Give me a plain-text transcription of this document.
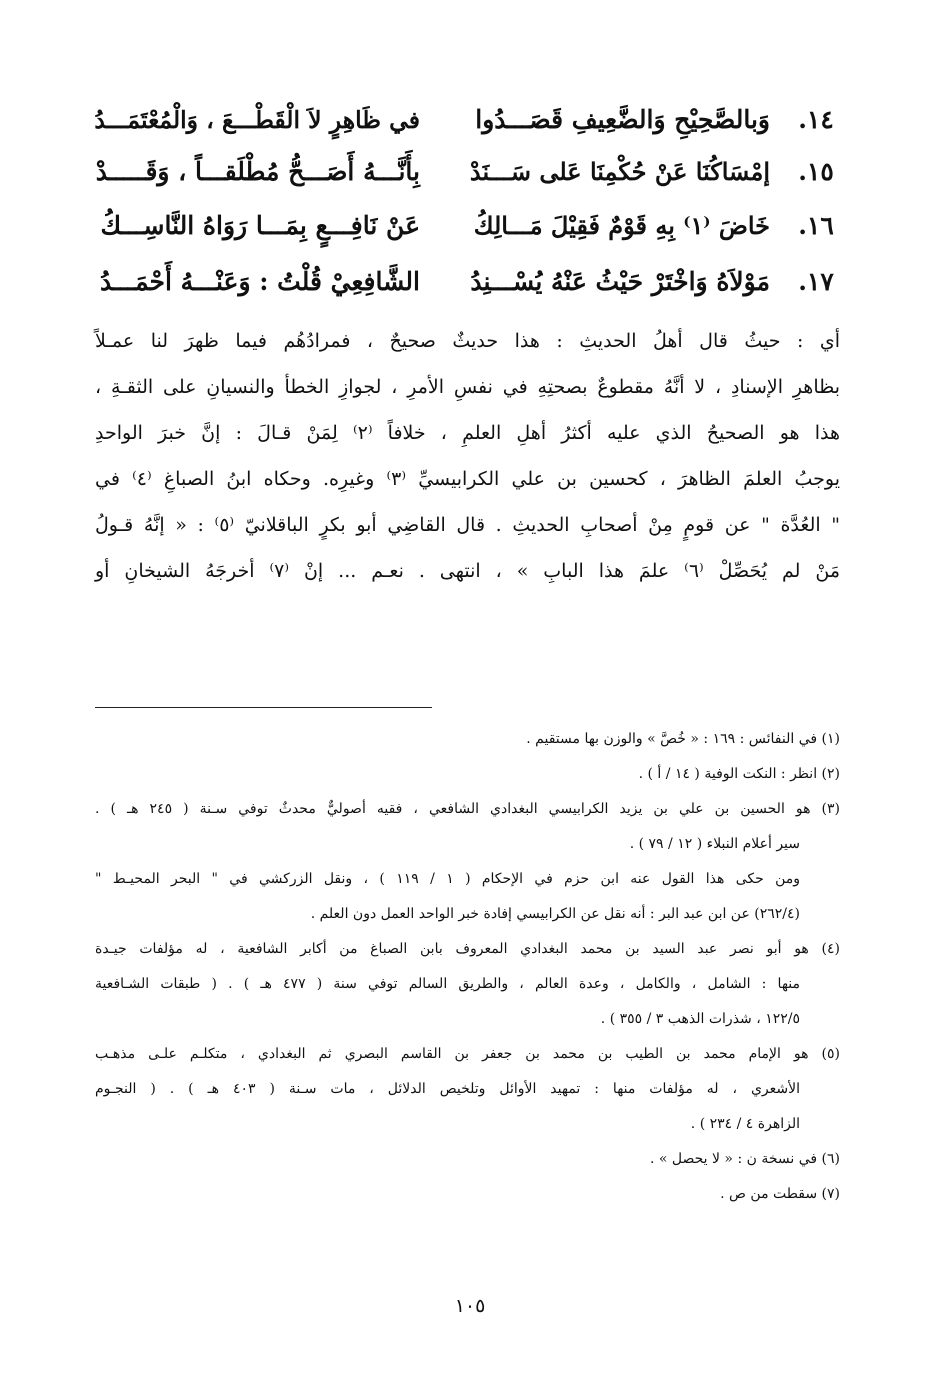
١٤.
وَبالصَّحِيْحِ وَالضَّعِيفِ قَصَـــدُوا
في ظَاهِرٍ لاَ الْقَطْـــعَ ، وَالْمُعْتَمَـــدُ
١٥.
إمْسَاكُنَا عَنْ حُكْمِنَا عَلى سَـــنَدْ
بِأَنَّـــهُ أَصَـــحُّ مُطْلَقـــاً ، وَقَـــــدْ
١٦.
خَاضَ ⁽١⁾ بِهِ قَوْمٌ فَقِيْلَ مَـــالِكُ
عَنْ نَافِـــعٍ بِمَـــا رَوَاهُ النَّاسِـــكُ
١٧.
مَوْلاَهُ وَاخْتَرْ حَيْثُ عَنْهُ يُسْـــنِدُ
الشَّافِعِيْ قُلْتُ : وَعَنْـــهُ أَحْمَـــدُ
أي : حيثُ قال أهلُ الحديثِ : هذا حديثٌ صحيحٌ ، فمرادُهُم فيما ظهرَ لنا عمـلاً
بظاهرِ الإسنادِ ، لا أنَّهُ مقطوعٌ بصحتِهِ في نفسِ الأمرِ ، لجوازِ الخطأ والنسيانِ على الثقـةِ ،
هذا هو الصحيحُ الذي عليه أكثرُ أهلِ العلمِ ، خلافاً ⁽٢⁾ لِمَنْ قـالَ : إنَّ خبرَ الواحدِ
يوجبُ العلمَ الظاهرَ ، كحسين بن علي الكرابيسيِّ ⁽٣⁾ وغيرِه. وحكاه ابنُ الصباغِ ⁽٤⁾ في
" العُدَّة " عن قومٍ مِنْ أصحابِ الحديثِ . قال القاضِي أبو بكرٍ الباقلانيّ ⁽٥⁾ : « إنَّهُ قـولُ
مَنْ لم يُحَصِّلْ ⁽٦⁾ علمَ هذا البابِ » ، انتهى . نعـم ... إنْ ⁽٧⁾ أخرجَهُ الشيخانِ أو
(١) في النفائس : ١٦٩ : « خُصَّ » والوزن بها مستقيم .
(٢) انظر : النكت الوفية ( ١٤ / أ ) .
(٣) هو الحسين بن علي بن يزيد الكرابيسي البغدادي الشافعي ، فقيه أصوليٌّ محدثٌ توفي سـنة ( ٢٤٥ هـ ) .
سير أعلام النبلاء ( ١٢ / ٧٩ ) .
ومن حكى هذا القول عنه ابن حزم في الإحكام ( ١ / ١١٩ ) ، ونقل الزركشي في " البحر المحيـط "
(٢٦٢/٤) عن ابن عبد البر : أنه نقل عن الكرابيسي إفادة خبر الواحد العمل دون العلم .
(٤) هو أبو نصر عبد السيد بن محمد البغدادي المعروف بابن الصباغ من أكابر الشافعية ، له مؤلفات جيـدة
منها : الشامل ، والكامل ، وعدة العالم ، والطريق السالم توفي سنة ( ٤٧٧ هـ ) . ( طبقات الشـافعية
١٢٢/٥ ، شذرات الذهب ٣ / ٣٥٥ ) .
(٥) هو الإمام محمد بن الطيب بن محمد بن جعفر بن القاسم البصري ثم البغدادي ، متكلـم علـى مذهـب
الأشعري ، له مؤلفات منها : تمهيد الأوائل وتلخيص الدلائل ، مات سـنة ( ٤٠٣ هـ ) . ( النجـوم
الزاهرة ٤ / ٢٣٤ ) .
(٦) في نسخة ن : « لا يحصل » .
(٧) سقطت من ص .
١٠٥
